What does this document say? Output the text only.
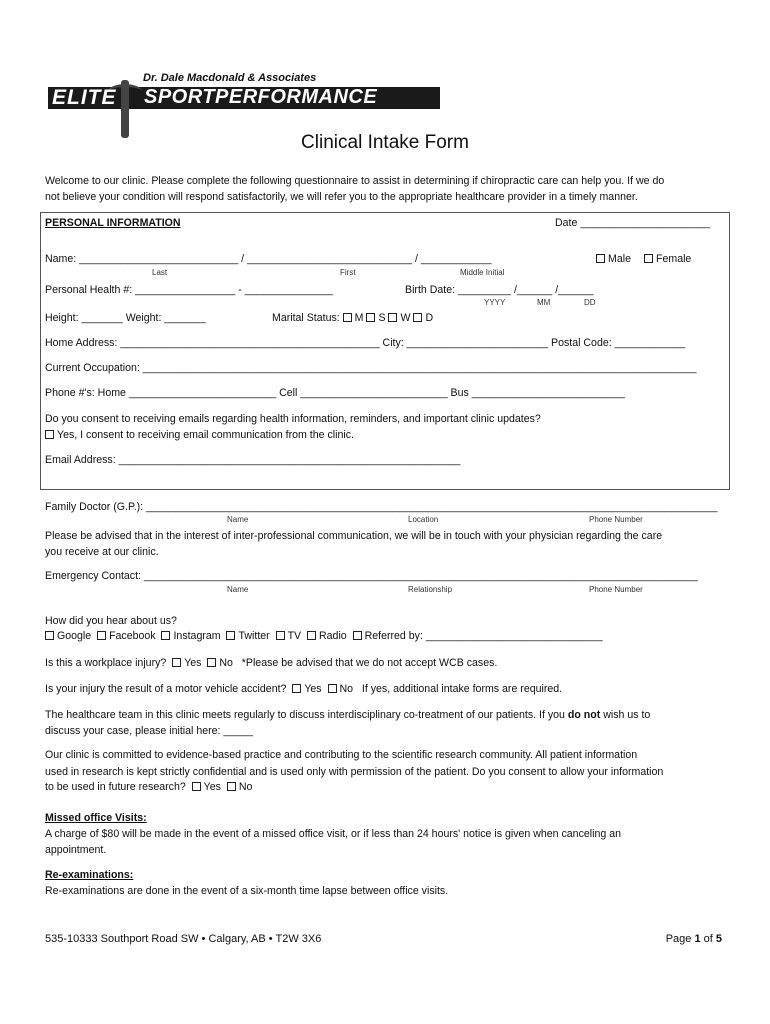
Dr. Dale Macdonald & Associates
ELITE SPORTPERFORMANCE
Clinical Intake Form
Welcome to our clinic. Please complete the following questionnaire to assist in determining if chiropractic care can help you. If we do
not believe your condition will respond satisfactorily, we will refer you to the appropriate healthcare provider in a timely manner.
PERSONAL INFORMATION	Date ______________________
Name: ___________________________ / ____________________________ / ____________	Male	Female
Last	First	Middle Initial
Personal Health #: _________________ - _______________	Birth Date: _________ /______ /______
YYYY	MM	DD
Height: _______ Weight: _______	Marital Status: M S W D
Home Address: ____________________________________________ City: ________________________ Postal Code: ____________
Current Occupation: ______________________________________________________________________________________________
Phone #'s: Home _________________________ Cell _________________________ Bus __________________________
Do you consent to receiving emails regarding health information, reminders, and important clinic updates?
Yes, I consent to receiving email communication from the clinic.
Email Address: __________________________________________________________
Family Doctor (G.P.): _________________________________________________________________________________________________
Name	Location	Phone Number
Please be advised that in the interest of inter-professional communication, we will be in touch with your physician regarding the care
you receive at our clinic.
Emergency Contact: ______________________________________________________________________________________________
Name	Relationship	Phone Number
How did you hear about us?
Google Facebook Instagram Twitter TV Radio Referred by: ______________________________
Is this a workplace injury? Yes No *Please be advised that we do not accept WCB cases.
Is your injury the result of a motor vehicle accident? Yes No If yes, additional intake forms are required.
The healthcare team in this clinic meets regularly to discuss interdisciplinary co-treatment of our patients. If you do not wish us to
discuss your case, please initial here: _____
Our clinic is committed to evidence-based practice and contributing to the scientific research community. All patient information
used in research is kept strictly confidential and is used only with permission of the patient. Do you consent to allow your information
to be used in future research? Yes No
Missed office Visits:
A charge of $80 will be made in the event of a missed office visit, or if less than 24 hours' notice is given when canceling an
appointment.
Re-examinations:
Re-examinations are done in the event of a six-month time lapse between office visits.
535-10333 Southport Road SW • Calgary, AB • T2W 3X6	Page 1 of 5
